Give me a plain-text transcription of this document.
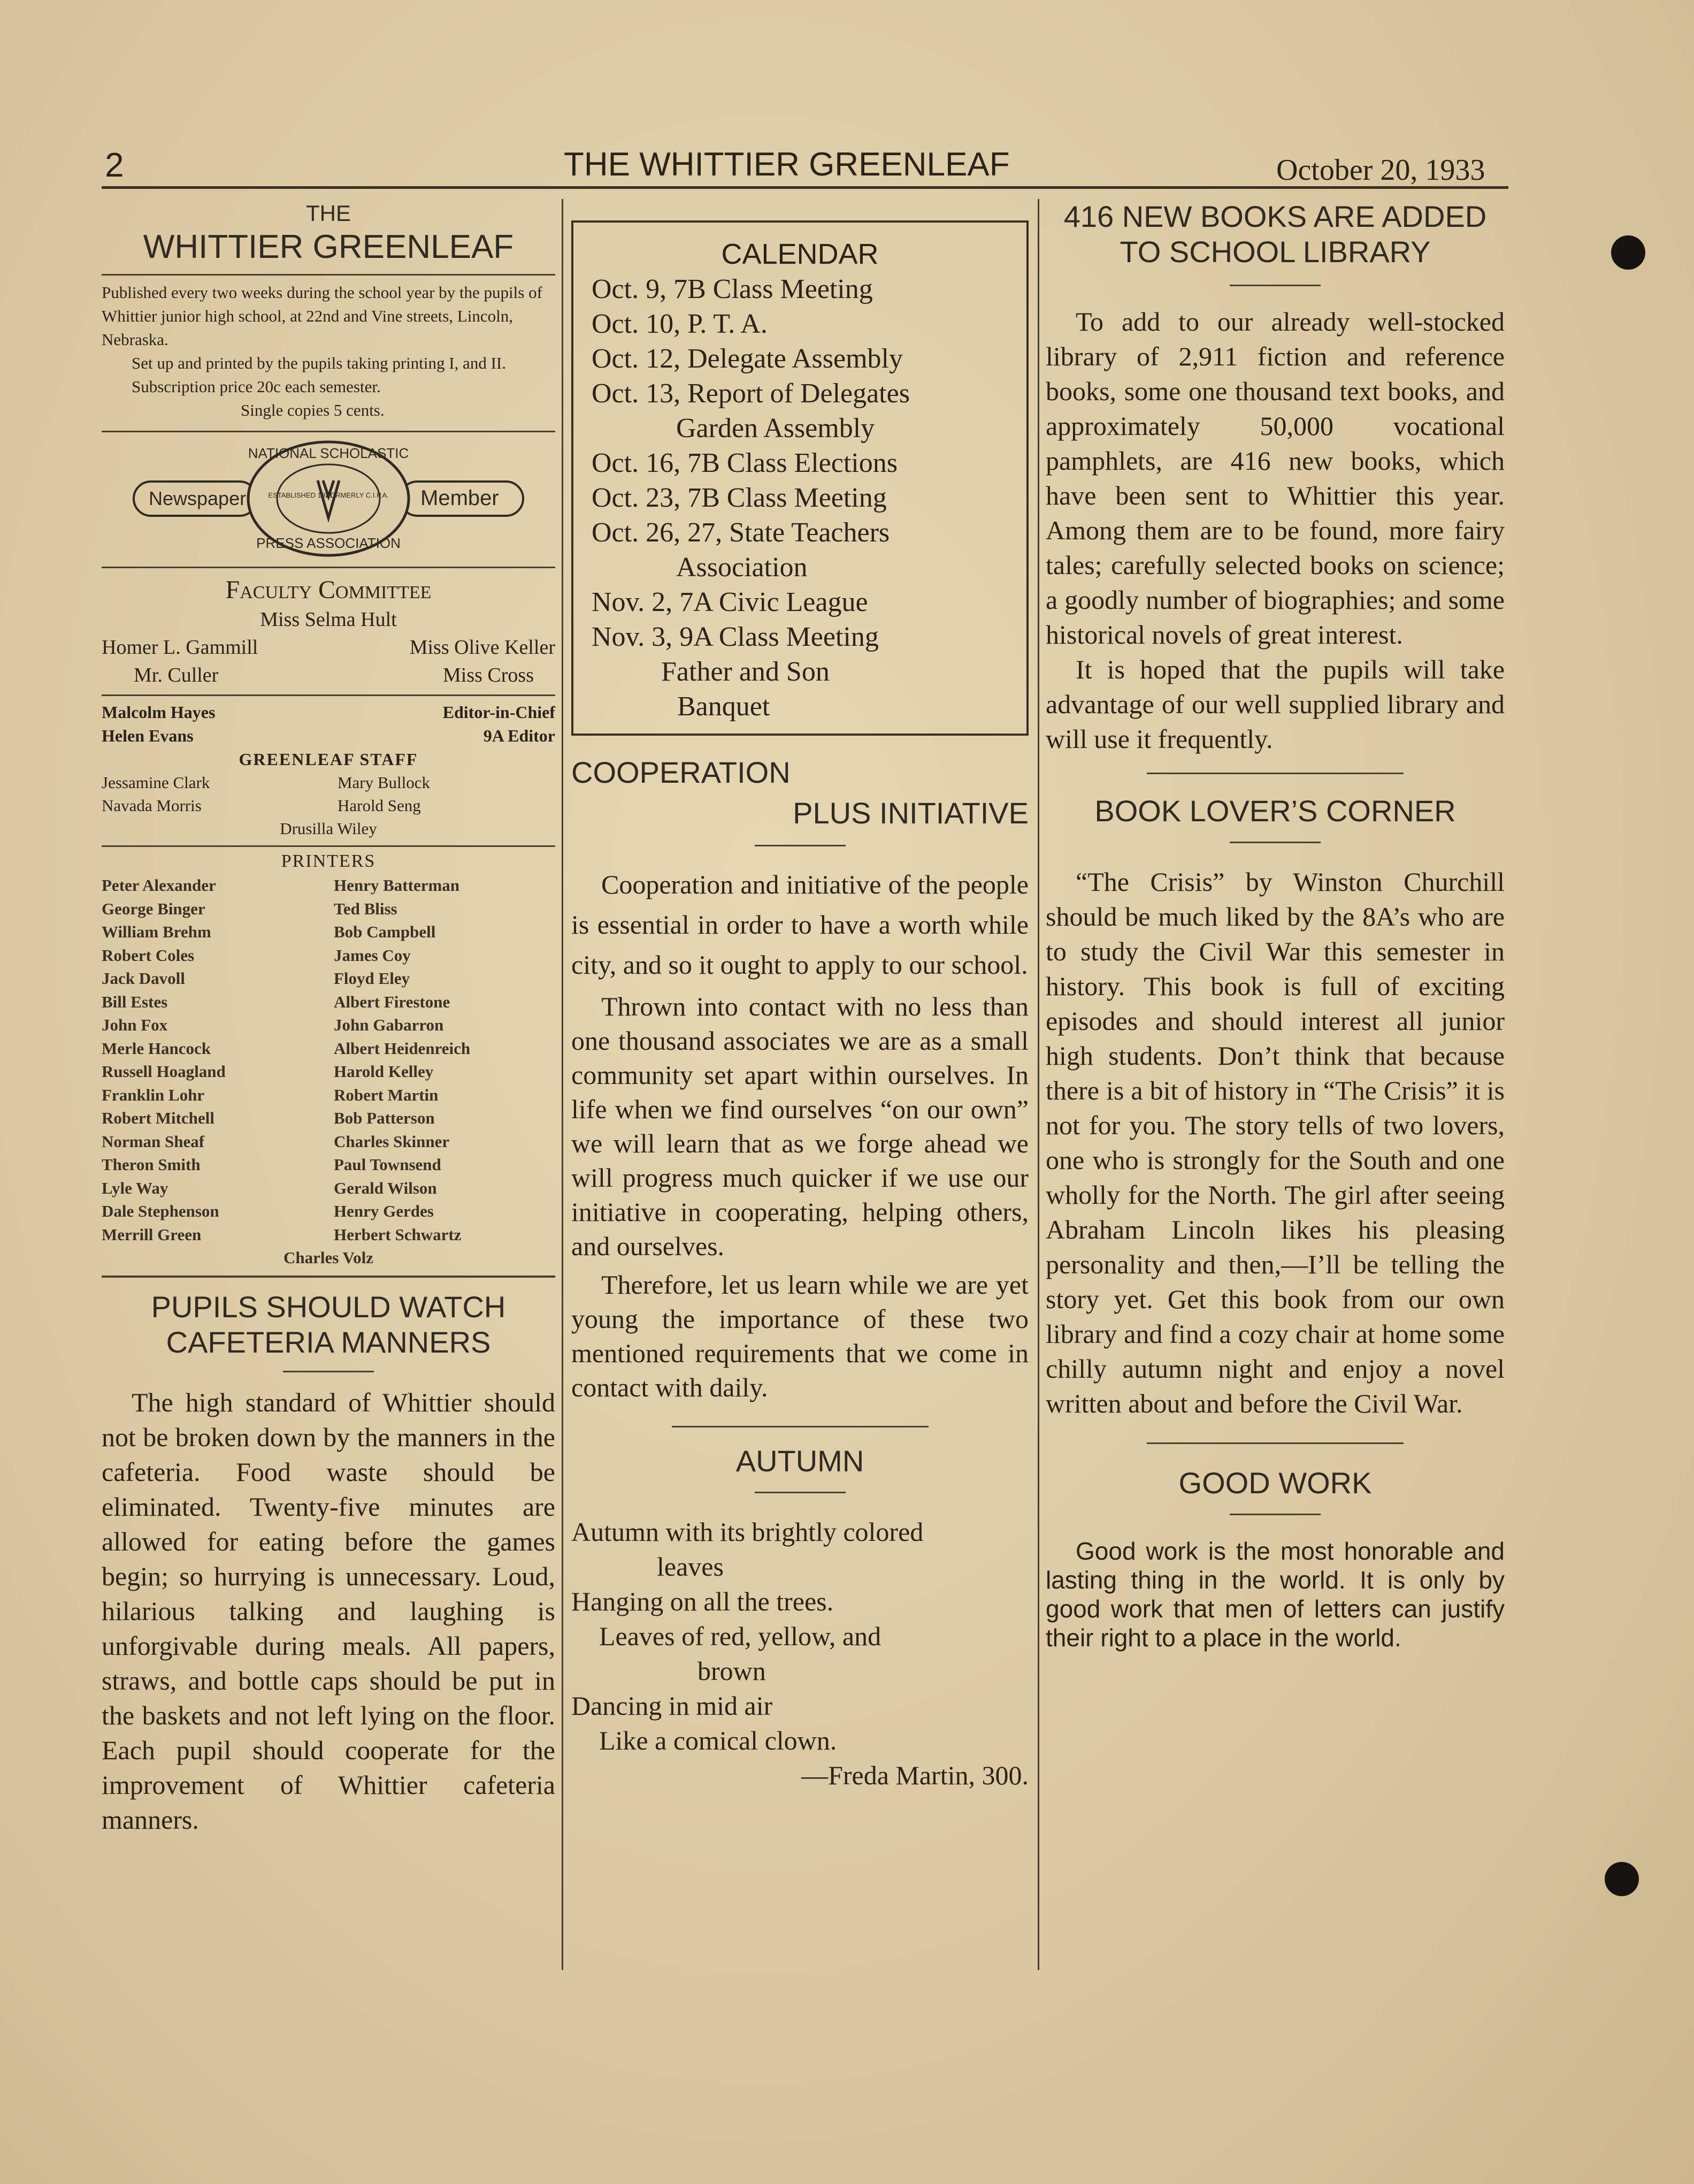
2	THE WHITTIER GREENLEAF	October 20, 1933
THE
WHITTIER GREENLEAF

Published every two weeks during the school year by the pupils of Whittier junior high school, at 22nd and Vine streets, Lincoln, Nebraska.

Set up and printed by the pupils taking printing I, and II.

Subscription price 20c each semester.

Single copies 5 cents.

Newspaper	Member
NATIONAL SCHOLASTIC
PRESS ASSOCIATION
ESTABLISHED 1921
FORMERLY C.I.P.A.
Faculty Committee
Miss Selma Hult
Homer L. Gammill	Miss Olive Keller
Mr. Culler	Miss Cross
Malcolm Hayes	Editor-in-Chief
Helen Evans	9A Editor
GREENLEAF STAFF
Jessamine Clark	Mary Bullock
Navada Morris	Harold Seng
Drusilla Wiley
PRINTERS
Peter Alexander	Henry Batterman
George Binger	Ted Bliss
William Brehm	Bob Campbell
Robert Coles	James Coy
Jack Davoll	Floyd Eley
Bill Estes	Albert Firestone
John Fox	John Gabarron
Merle Hancock	Albert Heidenreich
Russell Hoagland	Harold Kelley
Franklin Lohr	Robert Martin
Robert Mitchell	Bob Patterson
Norman Sheaf	Charles Skinner
Theron Smith	Paul Townsend
Lyle Way	Gerald Wilson
Dale Stephenson	Henry Gerdes
Merrill Green	Herbert Schwartz
Charles Volz
PUPILS SHOULD WATCH
CAFETERIA MANNERS

The high standard of Whittier should not be broken down by the manners in the cafeteria. Food waste should be eliminated. Twenty-five minutes are allowed for eating before the games begin; so hurrying is unnecessary. Loud, hilarious talking and laughing is unforgivable during meals. All papers, straws, and bottle caps should be put in the baskets and not left lying on the floor. Each pupil should cooperate for the improvement of Whittier cafeteria manners.

CALENDAR
Oct. 9, 7B Class Meeting
Oct. 10, P. T. A.
Oct. 12, Delegate Assembly
Oct. 13, Report of Delegates
Garden Assembly
Oct. 16, 7B Class Elections
Oct. 23, 7B Class Meeting
Oct. 26, 27, State Teachers
Association
Nov. 2, 7A Civic League
Nov. 3, 9A Class Meeting
Father and Son
Banquet
COOPERATION
PLUS INITIATIVE

Cooperation and initiative of the people is essential in order to have a worth while city, and so it ought to apply to our school.

Thrown into contact with no less than one thousand associates we are as a small community set apart within ourselves. In life when we find ourselves “on our own” we will learn that as we forge ahead we will progress much quicker if we use our initiative in cooperating, helping others, and ourselves.

Therefore, let us learn while we are yet young the importance of these two mentioned requirements that we come in contact with daily.

AUTUMN
Autumn with its brightly colored
leaves
Hanging on all the trees.
Leaves of red, yellow, and
brown
Dancing in mid air
Like a comical clown.
—Freda Martin, 300.
416 NEW BOOKS ARE ADDED
TO SCHOOL LIBRARY

To add to our already well-stocked library of 2,911 fiction and reference books, some one thousand text books, and approximately 50,000 vocational pamphlets, are 416 new books, which have been sent to Whittier this year. Among them are to be found, more fairy tales; carefully selected books on science; a goodly number of biographies; and some historical novels of great interest.

It is hoped that the pupils will take advantage of our well supplied library and will use it frequently.

BOOK LOVER’S CORNER

“The Crisis” by Winston Churchill should be much liked by the 8A’s who are to study the Civil War this semester in history. This book is full of exciting episodes and should interest all junior high students. Don’t think that because there is a bit of history in “The Crisis” it is not for you. The story tells of two lovers, one who is strongly for the South and one wholly for the North. The girl after seeing Abraham Lincoln likes his pleasing personality and then,—I’ll be telling the story yet. Get this book from our own library and find a cozy chair at home some chilly autumn night and enjoy a novel written about and before the Civil War.

GOOD WORK

Good work is the most honorable and lasting thing in the world. It is only by good work that men of letters can justify their right to a place in the world.
